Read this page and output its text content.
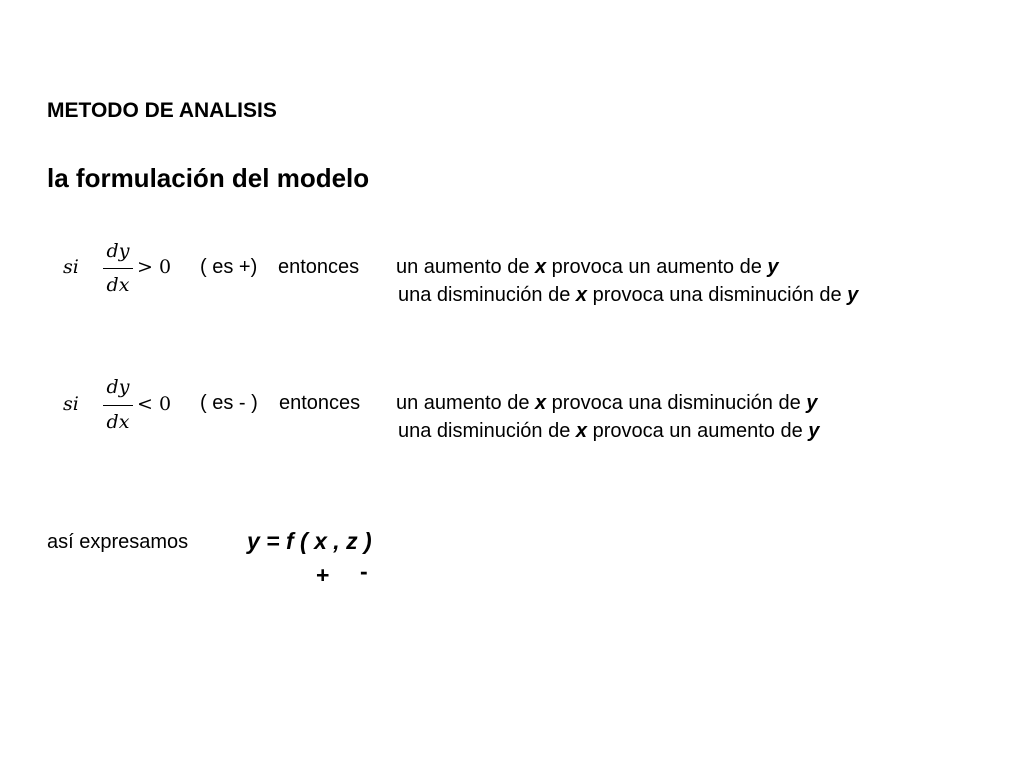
METODO DE ANALISIS
la formulación del modelo
si
dy
dx
> 0 ( es +) entonces un aumento de x provoca un aumento de y
una disminución de x provoca una disminución de y
si
dy
dx
< 0 ( es - ) entonces un aumento de x provoca una disminución de y
una disminución de x provoca un aumento de y
así expresamos	y = f ( x , z )
+ -
